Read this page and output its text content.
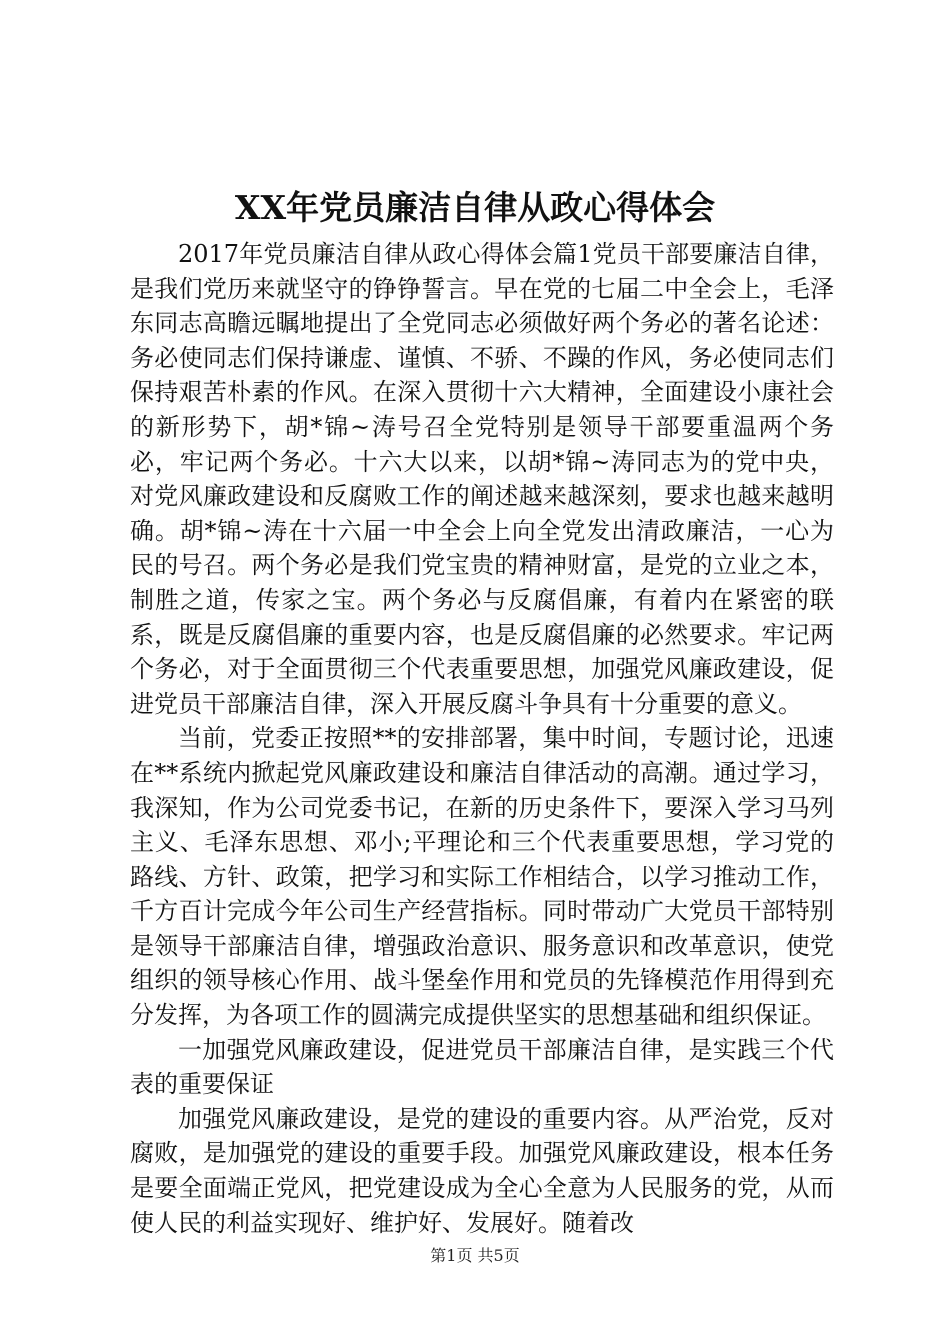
XX年党员廉洁自律从政心得体会

2017年党员廉洁自律从政心得体会篇1党员干部要廉洁自律，是我们党历来就坚守的铮铮誓言。早在党的七届二中全会上，毛泽东同志高瞻远瞩地提出了全党同志必须做好两个务必的著名论述：务必使同志们保持谦虚、谨慎、不骄、不躁的作风，务必使同志们保持艰苦朴素的作风。在深入贯彻十六大精神，全面建设小康社会的新形势下，胡*锦~涛号召全党特别是领导干部要重温两个务必，牢记两个务必。十六大以来，以胡*锦~涛同志为的党中央，对党风廉政建设和反腐败工作的阐述越来越深刻，要求也越来越明确。胡*锦~涛在十六届一中全会上向全党发出清政廉洁，一心为民的号召。两个务必是我们党宝贵的精神财富，是党的立业之本，制胜之道，传家之宝。两个务必与反腐倡廉，有着内在紧密的联系，既是反腐倡廉的重要内容，也是反腐倡廉的必然要求。牢记两个务必，对于全面贯彻三个代表重要思想，加强党风廉政建设，促进党员干部廉洁自律，深入开展反腐斗争具有十分重要的意义。

当前，党委正按照**的安排部署，集中时间，专题讨论，迅速在**系统内掀起党风廉政建设和廉洁自律活动的高潮。通过学习，我深知，作为公司党委书记，在新的历史条件下，要深入学习马列主义、毛泽东思想、邓小;平理论和三个代表重要思想，学习党的路线、方针、政策，把学习和实际工作相结合，以学习推动工作，千方百计完成今年公司生产经营指标。同时带动广大党员干部特别是领导干部廉洁自律，增强政治意识、服务意识和改革意识，使党组织的领导核心作用、战斗堡垒作用和党员的先锋模范作用得到充分发挥，为各项工作的圆满完成提供坚实的思想基础和组织保证。

一加强党风廉政建设，促进党员干部廉洁自律，是实践三个代表的重要保证

加强党风廉政建设，是党的建设的重要内容。从严治党，反对腐败，是加强党的建设的重要手段。加强党风廉政建设，根本任务是要全面端正党风，把党建设成为全心全意为人民服务的党，从而使人民的利益实现好、维护好、发展好。随着改

第1页 共5页
